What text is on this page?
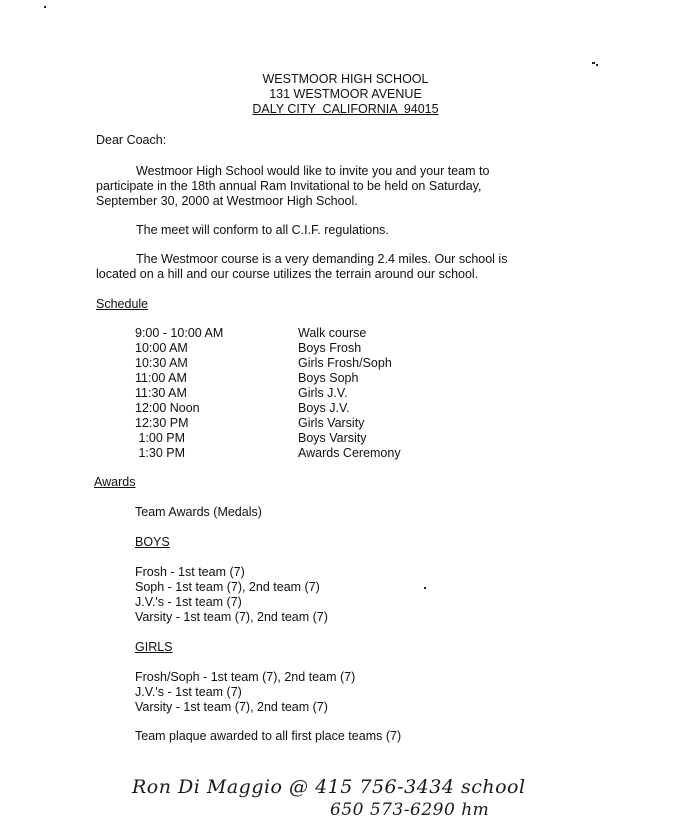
WESTMOOR HIGH SCHOOL

131 WESTMOOR AVENUE

DALY CITY  CALIFORNIA  94015

Dear Coach:

Westmoor High School would like to invite you and your team to participate in the 18th annual Ram Invitational to be held on Saturday, September 30, 2000 at Westmoor High School.

The meet will conform to all C.I.F. regulations.

The Westmoor course is a very demanding 2.4 miles. Our school is located on a hill and our course utilizes the terrain around our school.

Schedule

9:00 - 10:00 AM	Walk course
10:00 AM	Boys Frosh
10:30 AM	Girls Frosh/Soph
11:00 AM	Boys Soph
11:30 AM	Girls J.V.
12:00 Noon	Boys J.V.
12:30 PM	Girls Varsity
1:00 PM	Boys Varsity
1:30 PM	Awards Ceremony

Awards

Team Awards (Medals)

BOYS

Frosh - 1st team (7)

Soph - 1st team (7), 2nd team (7)

J.V.'s - 1st team (7)

Varsity - 1st team (7), 2nd team (7)

GIRLS

Frosh/Soph - 1st team (7), 2nd team (7)

J.V.'s - 1st team (7)

Varsity - 1st team (7), 2nd team (7)

Team plaque awarded to all first place teams (7)

Ron Di Maggio @ 415 756-3434 school

650 573-6290 hm
